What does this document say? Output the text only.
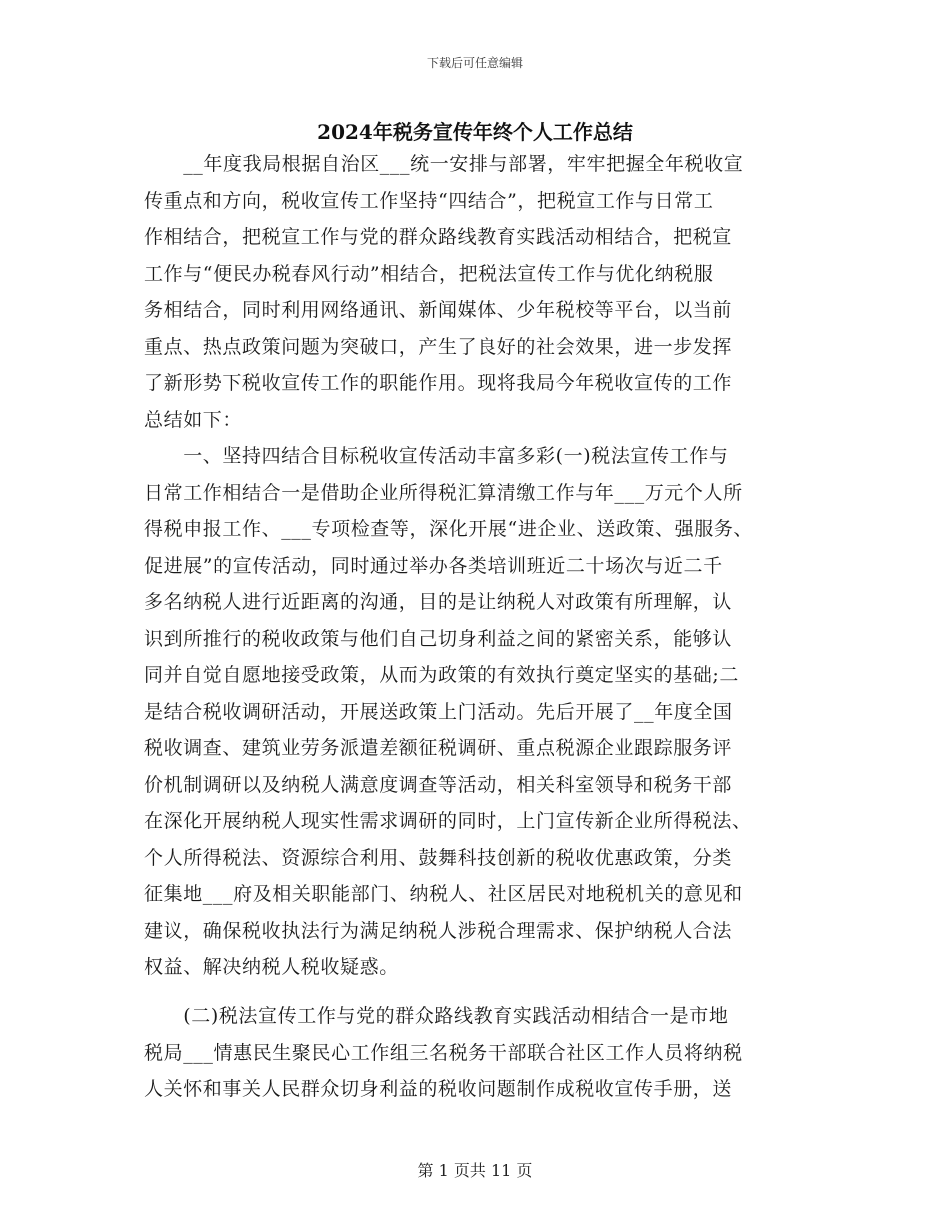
下载后可任意编辑
2024年税务宣传年终个人工作总结
　　__年度我局根据自治区___统一安排与部署，牢牢把握全年税收宣
传重点和方向，税收宣传工作坚持“四结合”，把税宣工作与日常工
作相结合，把税宣工作与党的群众路线教育实践活动相结合，把税宣
工作与“便民办税春风行动”相结合，把税法宣传工作与优化纳税服
务相结合，同时利用网络通讯、新闻媒体、少年税校等平台，以当前
重点、热点政策问题为突破口，产生了良好的社会效果，进一步发挥
了新形势下税收宣传工作的职能作用。现将我局今年税收宣传的工作
总结如下：
　　一、坚持四结合目标税收宣传活动丰富多彩(一)税法宣传工作与
日常工作相结合一是借助企业所得税汇算清缴工作与年___万元个人所
得税申报工作、___专项检查等，深化开展“进企业、送政策、强服务、
促进展”的宣传活动，同时通过举办各类培训班近二十场次与近二千
多名纳税人进行近距离的沟通，目的是让纳税人对政策有所理解，认
识到所推行的税收政策与他们自己切身利益之间的紧密关系，能够认
同并自觉自愿地接受政策，从而为政策的有效执行奠定坚实的基础;二
是结合税收调研活动，开展送政策上门活动。先后开展了__年度全国
税收调查、建筑业劳务派遣差额征税调研、重点税源企业跟踪服务评
价机制调研以及纳税人满意度调查等活动，相关科室领导和税务干部
在深化开展纳税人现实性需求调研的同时，上门宣传新企业所得税法、
个人所得税法、资源综合利用、鼓舞科技创新的税收优惠政策，分类
征集地___府及相关职能部门、纳税人、社区居民对地税机关的意见和
建议，确保税收执法行为满足纳税人涉税合理需求、保护纳税人合法
权益、解决纳税人税收疑惑。
　　(二)税法宣传工作与党的群众路线教育实践活动相结合一是市地
税局___情惠民生聚民心工作组三名税务干部联合社区工作人员将纳税
人关怀和事关人民群众切身利益的税收问题制作成税收宣传手册，送
第 1 页共 11 页
